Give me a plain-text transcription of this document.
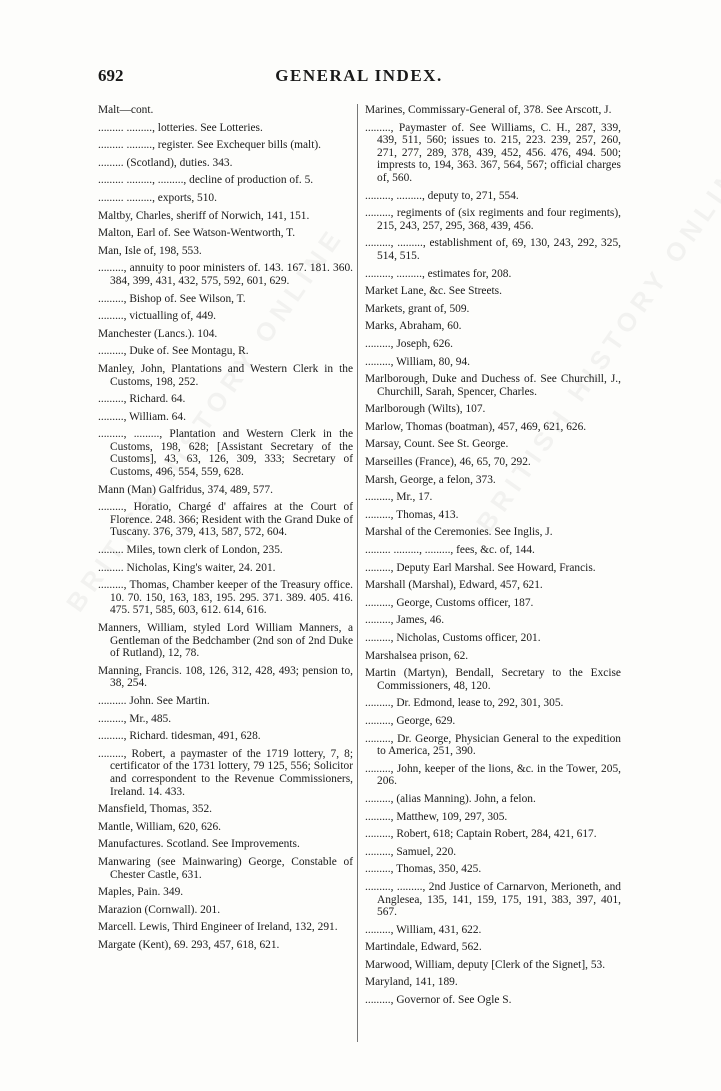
692	GENERAL INDEX.
Malt—cont.
......... ........., lotteries. See Lotteries.
......... ........., register. See Exchequer bills (malt).
......... (Scotland), duties. 343.
......... ........., ........., decline of production of. 5.
......... ........., exports, 510.
Maltby, Charles, sheriff of Norwich, 141, 151.
Malton, Earl of. See Watson-Wentworth, T.
Man, Isle of, 198, 553.
........., annuity to poor ministers of. 143. 167. 181. 360. 384, 399, 431, 432, 575, 592, 601, 629.
........., Bishop of. See Wilson, T.
........., victualling of, 449.
Manchester (Lancs.). 104.
........., Duke of. See Montagu, R.
Manley, John, Plantations and Western Clerk in the Customs, 198, 252.
........., Richard. 64.
........., William. 64.
........., ........., Plantation and Western Clerk in the Customs, 198, 628; [Assistant Secretary of the Customs], 43, 63, 126, 309, 333; Secretary of Customs, 496, 554, 559, 628.
Mann (Man) Galfridus, 374, 489, 577.
........., Horatio, Chargé d' affaires at the Court of Florence. 248. 366; Resident with the Grand Duke of Tuscany. 376, 379, 413, 587, 572, 604.
......... Miles, town clerk of London, 235.
......... Nicholas, King's waiter, 24. 201.
........., Thomas, Chamber keeper of the Treasury office. 10. 70. 150, 163, 183, 195. 295. 371. 389. 405. 416. 475. 571, 585, 603, 612. 614, 616.
Manners, William, styled Lord William Manners, a Gentleman of the Bedchamber (2nd son of 2nd Duke of Rutland), 12, 78.
Manning, Francis. 108, 126, 312, 428, 493; pension to, 38, 254.
.......... John. See Martin.
........., Mr., 485.
........., Richard. tidesman, 491, 628.
........., Robert, a paymaster of the 1719 lottery, 7, 8; certificator of the 1731 lottery, 79 125, 556; Solicitor and correspondent to the Revenue Commissioners, Ireland. 14. 433.
Mansfield, Thomas, 352.
Mantle, William, 620, 626.
Manufactures. Scotland. See Improvements.
Manwaring (see Mainwaring) George, Constable of Chester Castle, 631.
Maples, Pain. 349.
Marazion (Cornwall). 201.
Marcell. Lewis, Third Engineer of Ireland, 132, 291.
Margate (Kent), 69. 293, 457, 618, 621.
Marines, Commissary-General of, 378. See Arscott, J.
........., Paymaster of. See Williams, C. H., 287, 339, 439, 511, 560; issues to. 215, 223. 239, 257, 260, 271, 277, 289, 378, 439, 452, 456. 476, 494. 500; imprests to, 194, 363. 367, 564, 567; official charges of, 560.
........., ........., deputy to, 271, 554.
........., regiments of (six regiments and four regiments), 215, 243, 257, 295, 368, 439, 456.
........., ........., establishment of, 69, 130, 243, 292, 325, 514, 515.
........., ........., estimates for, 208.
Market Lane, &c. See Streets.
Markets, grant of, 509.
Marks, Abraham, 60.
........., Joseph, 626.
........., William, 80, 94.
Marlborough, Duke and Duchess of. See Churchill, J., Churchill, Sarah, Spencer, Charles.
Marlborough (Wilts), 107.
Marlow, Thomas (boatman), 457, 469, 621, 626.
Marsay, Count. See St. George.
Marseilles (France), 46, 65, 70, 292.
Marsh, George, a felon, 373.
........., Mr., 17.
........., Thomas, 413.
Marshal of the Ceremonies. See Inglis, J.
......... ........., ........., fees, &c. of, 144.
........., Deputy Earl Marshal. See Howard, Francis.
Marshall (Marshal), Edward, 457, 621.
........., George, Customs officer, 187.
........., James, 46.
........., Nicholas, Customs officer, 201.
Marshalsea prison, 62.
Martin (Martyn), Bendall, Secretary to the Excise Commissioners, 48, 120.
........., Dr. Edmond, lease to, 292, 301, 305.
........., George, 629.
........., Dr. George, Physician General to the expedition to America, 251, 390.
........., John, keeper of the lions, &c. in the Tower, 205, 206.
........., (alias Manning). John, a felon.
........., Matthew, 109, 297, 305.
........., Robert, 618; Captain Robert, 284, 421, 617.
........., Samuel, 220.
........., Thomas, 350, 425.
........., ........., 2nd Justice of Carnarvon, Merioneth, and Anglesea, 135, 141, 159, 175, 191, 383, 397, 401, 567.
........., William, 431, 622.
Martindale, Edward, 562.
Marwood, William, deputy [Clerk of the Signet], 53.
Maryland, 141, 189.
........., Governor of. See Ogle S.
